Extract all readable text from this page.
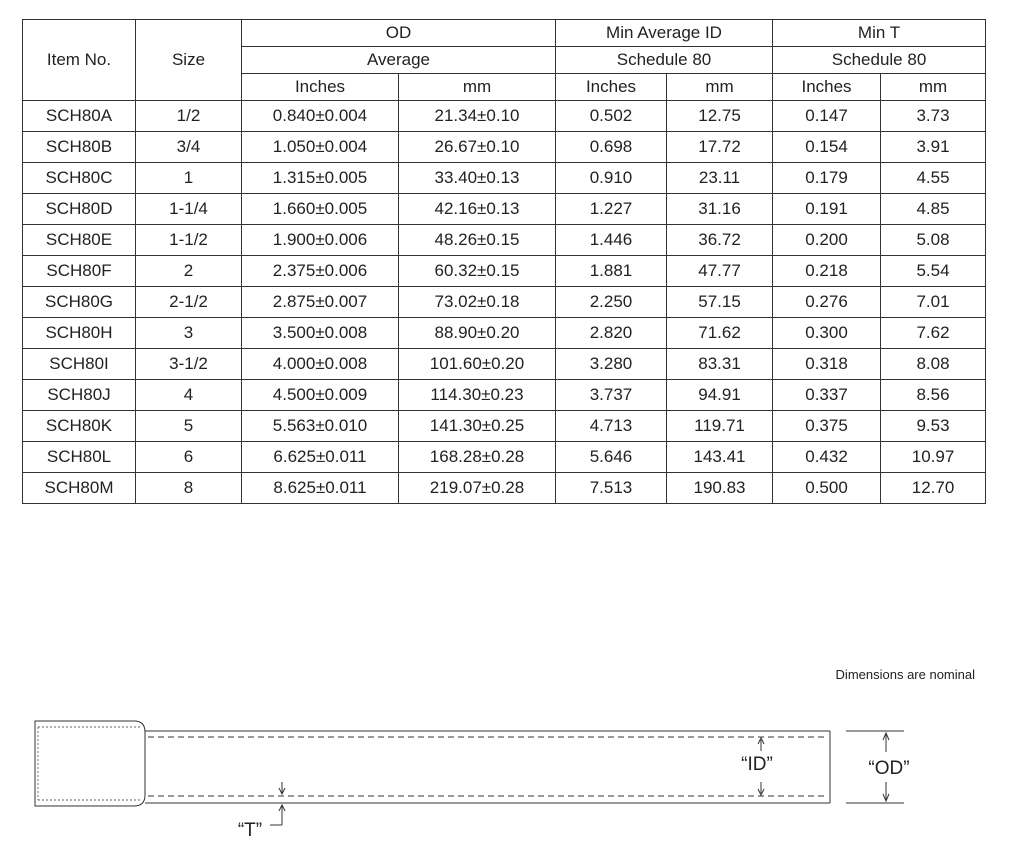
Item No.	Size	OD		Min Average ID		Min T	
		Average		Schedule 80		Schedule 80	
		Inches	mm	Inches	mm	Inches	mm
SCH80A	1/2	0.840±0.004	21.34±0.10	0.502	12.75	0.147	3.73
SCH80B	3/4	1.050±0.004	26.67±0.10	0.698	17.72	0.154	3.91
SCH80C	1	1.315±0.005	33.40±0.13	0.910	23.11	0.179	4.55
SCH80D	1-1/4	1.660±0.005	42.16±0.13	1.227	31.16	0.191	4.85
SCH80E	1-1/2	1.900±0.006	48.26±0.15	1.446	36.72	0.200	5.08
SCH80F	2	2.375±0.006	60.32±0.15	1.881	47.77	0.218	5.54
SCH80G	2-1/2	2.875±0.007	73.02±0.18	2.250	57.15	0.276	7.01
SCH80H	3	3.500±0.008	88.90±0.20	2.820	71.62	0.300	7.62
SCH80I	3-1/2	4.000±0.008	101.60±0.20	3.280	83.31	0.318	8.08
SCH80J	4	4.500±0.009	114.30±0.23	3.737	94.91	0.337	8.56
SCH80K	5	5.563±0.010	141.30±0.25	4.713	119.71	0.375	9.53
SCH80L	6	6.625±0.011	168.28±0.28	5.646	143.41	0.432	10.97
SCH80M	8	8.625±0.011	219.07±0.28	7.513	190.83	0.500	12.70
Dimensions are nominal
“ID”	“OD”
“T”
